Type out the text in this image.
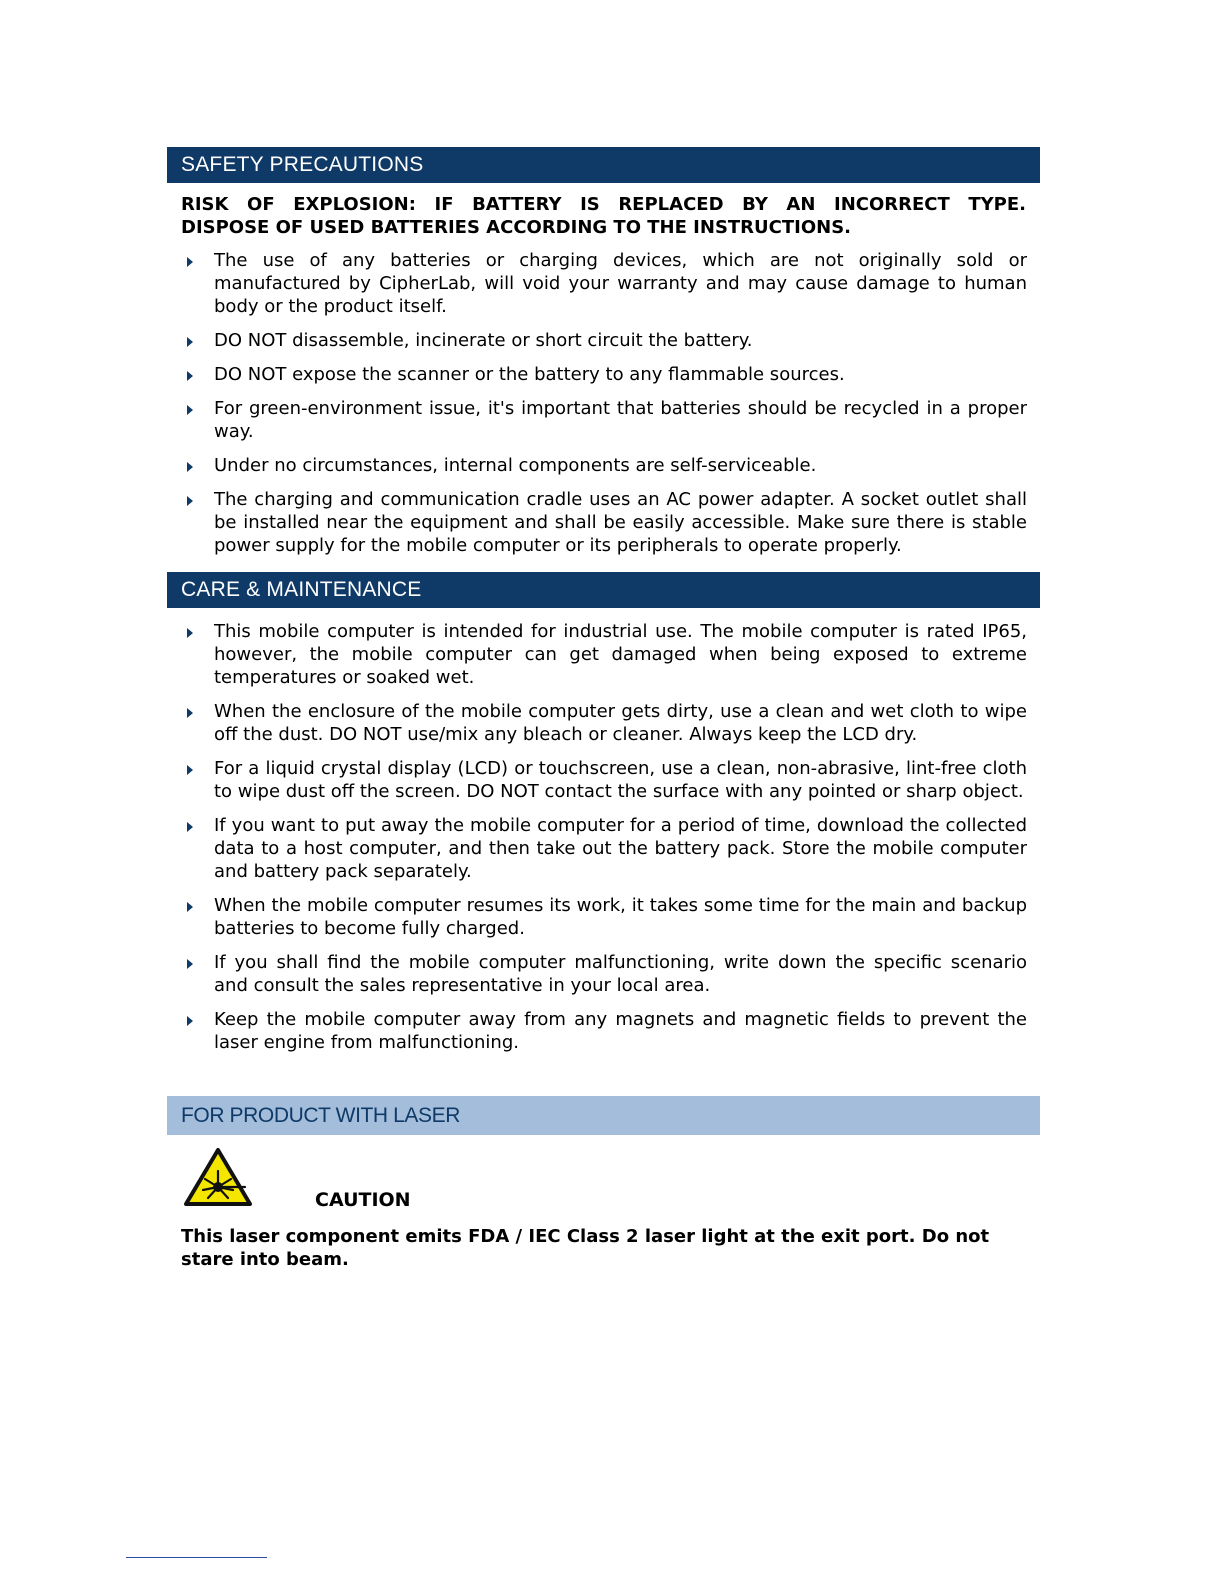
SAFETY PRECAUTIONS
RISK OF EXPLOSION: IF BATTERY IS REPLACED BY AN INCORRECT TYPE.
DISPOSE OF USED BATTERIES ACCORDING TO THE INSTRUCTIONS.
The use of any batteries or charging devices, which are not originally sold or manufactured by CipherLab, will void your warranty and may cause damage to human body or the product itself.
DO NOT disassemble, incinerate or short circuit the battery.
DO NOT expose the scanner or the battery to any flammable sources.
For green-environment issue, it's important that batteries should be recycled in a proper way.
Under no circumstances, internal components are self-serviceable.
The charging and communication cradle uses an AC power adapter. A socket outlet shall be installed near the equipment and shall be easily accessible. Make sure there is stable power supply for the mobile computer or its peripherals to operate properly.
CARE & MAINTENANCE
This mobile computer is intended for industrial use. The mobile computer is rated IP65, however, the mobile computer can get damaged when being exposed to extreme temperatures or soaked wet.
When the enclosure of the mobile computer gets dirty, use a clean and wet cloth to wipe off the dust. DO NOT use/mix any bleach or cleaner. Always keep the LCD dry.
For a liquid crystal display (LCD) or touchscreen, use a clean, non-abrasive, lint-free cloth to wipe dust off the screen. DO NOT contact the surface with any pointed or sharp object.
If you want to put away the mobile computer for a period of time, download the collected data to a host computer, and then take out the battery pack. Store the mobile computer and battery pack separately.
When the mobile computer resumes its work, it takes some time for the main and backup batteries to become fully charged.
If you shall find the mobile computer malfunctioning, write down the specific scenario and consult the sales representative in your local area.
Keep the mobile computer away from any magnets and magnetic fields to prevent the laser engine from malfunctioning.
FOR PRODUCT WITH LASER
CAUTION
This laser component emits FDA / IEC Class 2 laser light at the exit port. Do not stare into beam.
